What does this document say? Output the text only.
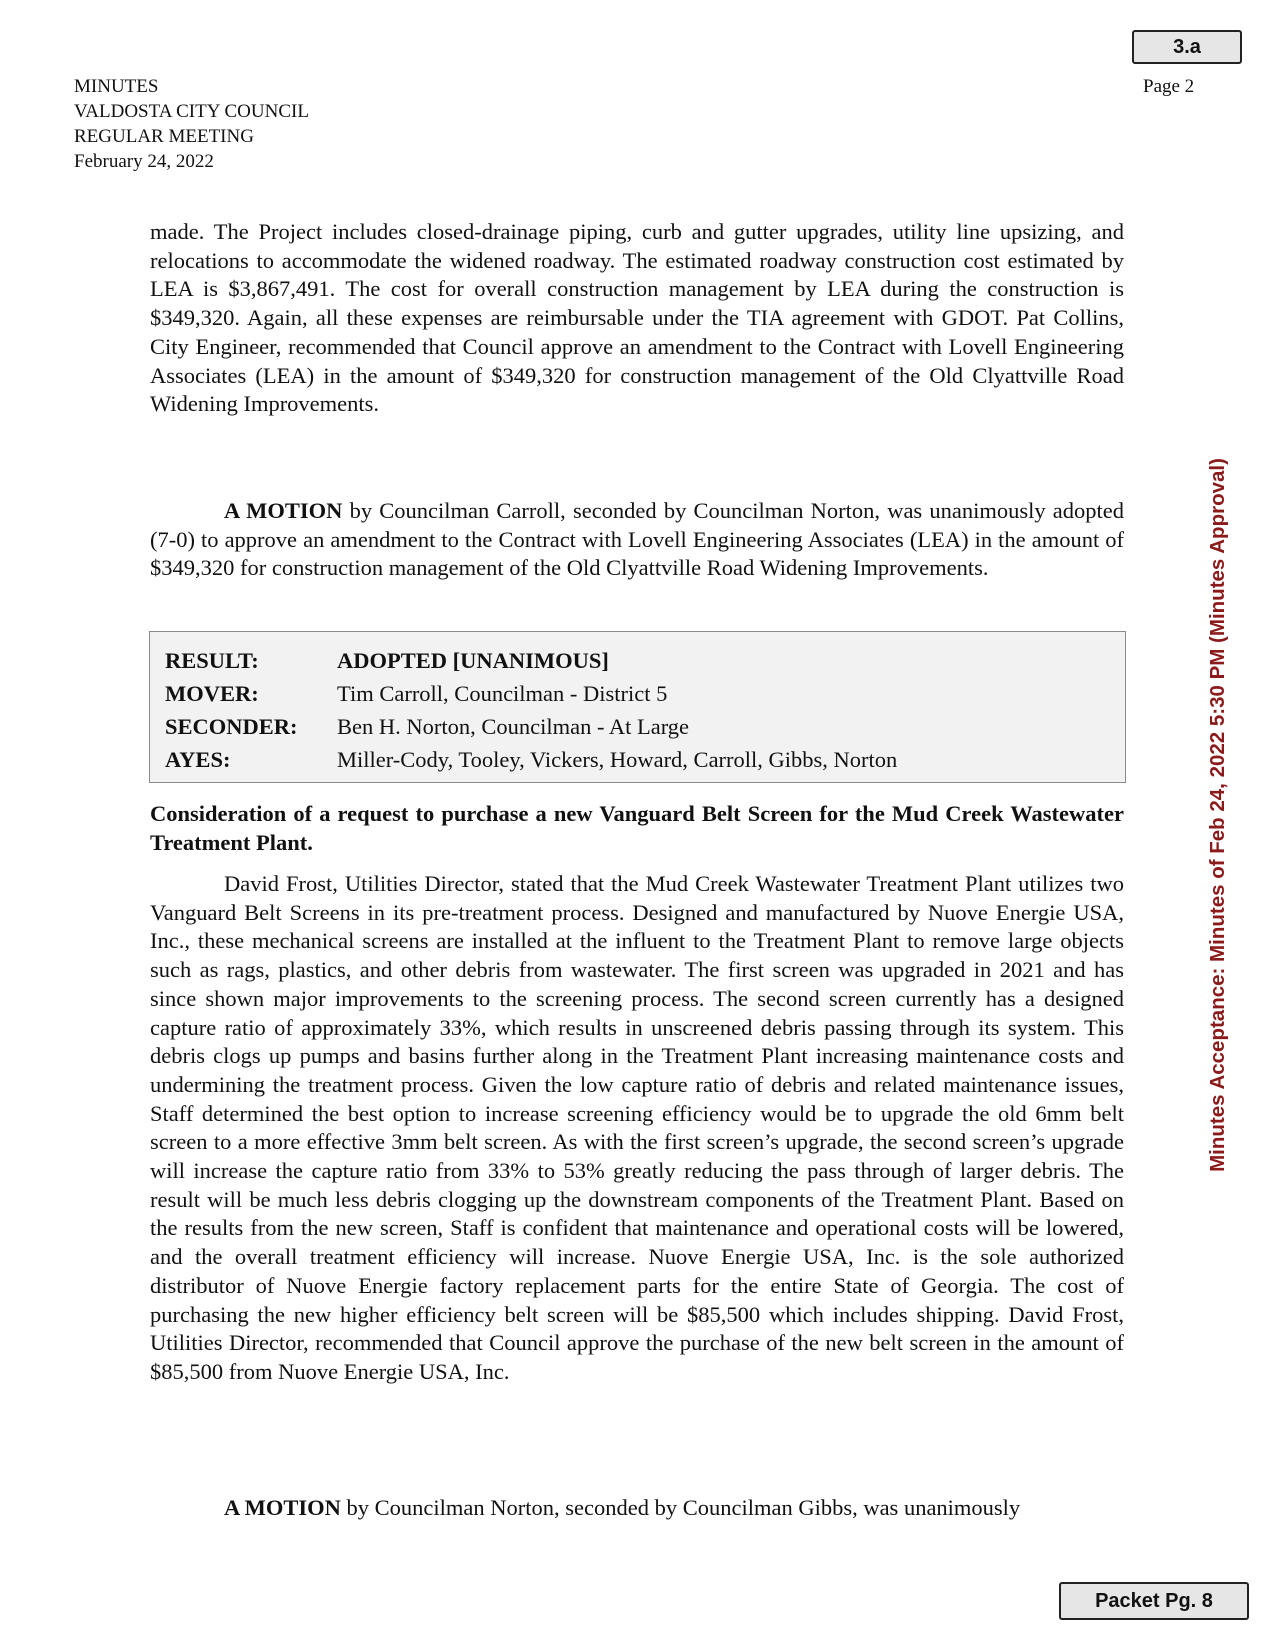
3.a
MINUTES
VALDOSTA CITY COUNCIL
REGULAR MEETING
February 24, 2022
Page 2

made. The Project includes closed-drainage piping, curb and gutter upgrades, utility line upsizing, and relocations to accommodate the widened roadway. The estimated roadway construction cost estimated by LEA is $3,867,491. The cost for overall construction management by LEA during the construction is $349,320. Again, all these expenses are reimbursable under the TIA agreement with GDOT. Pat Collins, City Engineer, recommended that Council approve an amendment to the Contract with Lovell Engineering Associates (LEA) in the amount of $349,320 for construction management of the Old Clyattville Road Widening Improvements.

A MOTION by Councilman Carroll, seconded by Councilman Norton, was unanimously adopted (7-0) to approve an amendment to the Contract with Lovell Engineering Associates (LEA) in the amount of $349,320 for construction management of the Old Clyattville Road Widening Improvements.

RESULT:	ADOPTED [UNANIMOUS]
MOVER:	Tim Carroll, Councilman - District 5
SECONDER:	Ben H. Norton, Councilman - At Large
AYES:	Miller-Cody, Tooley, Vickers, Howard, Carroll, Gibbs, Norton

Consideration of a request to purchase a new Vanguard Belt Screen for the Mud Creek Wastewater Treatment Plant.

David Frost, Utilities Director, stated that the Mud Creek Wastewater Treatment Plant utilizes two Vanguard Belt Screens in its pre-treatment process. Designed and manufactured by Nuove Energie USA, Inc., these mechanical screens are installed at the influent to the Treatment Plant to remove large objects such as rags, plastics, and other debris from wastewater. The first screen was upgraded in 2021 and has since shown major improvements to the screening process. The second screen currently has a designed capture ratio of approximately 33%, which results in unscreened debris passing through its system. This debris clogs up pumps and basins further along in the Treatment Plant increasing maintenance costs and undermining the treatment process. Given the low capture ratio of debris and related maintenance issues, Staff determined the best option to increase screening efficiency would be to upgrade the old 6mm belt screen to a more effective 3mm belt screen. As with the first screen’s upgrade, the second screen’s upgrade will increase the capture ratio from 33% to 53% greatly reducing the pass through of larger debris. The result will be much less debris clogging up the downstream components of the Treatment Plant. Based on the results from the new screen, Staff is confident that maintenance and operational costs will be lowered, and the overall treatment efficiency will increase. Nuove Energie USA, Inc. is the sole authorized distributor of Nuove Energie factory replacement parts for the entire State of Georgia. The cost of purchasing the new higher efficiency belt screen will be $85,500 which includes shipping. David Frost, Utilities Director, recommended that Council approve the purchase of the new belt screen in the amount of $85,500 from Nuove Energie USA, Inc.

A MOTION by Councilman Norton, seconded by Councilman Gibbs, was unanimously

Minutes Acceptance: Minutes of Feb 24, 2022 5:30 PM (Minutes Approval)
Packet Pg. 8
